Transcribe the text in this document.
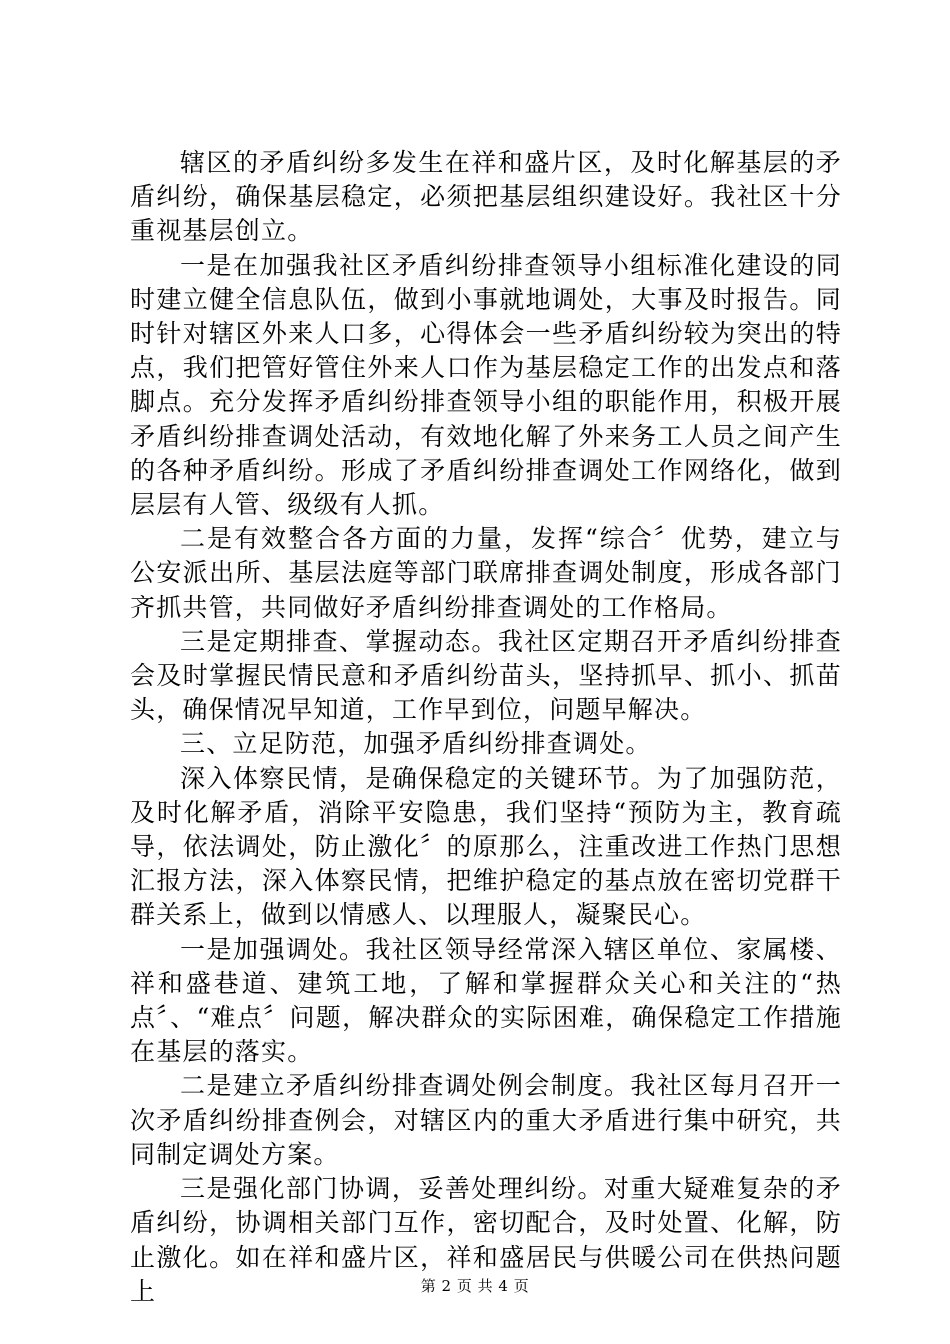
辖区的矛盾纠纷多发生在祥和盛片区，及时化解基层的矛盾纠纷，确保基层稳定，必须把基层组织建设好。我社区十分重视基层创立。

一是在加强我社区矛盾纠纷排查领导小组标准化建设的同时建立健全信息队伍，做到小事就地调处，大事及时报告。同时针对辖区外来人口多，心得体会一些矛盾纠纷较为突出的特点，我们把管好管住外来人口作为基层稳定工作的出发点和落脚点。充分发挥矛盾纠纷排查领导小组的职能作用，积极开展矛盾纠纷排查调处活动，有效地化解了外来务工人员之间产生的各种矛盾纠纷。形成了矛盾纠纷排查调处工作网络化，做到层层有人管、级级有人抓。

二是有效整合各方面的力量，发挥“综合〞优势，建立与公安派出所、基层法庭等部门联席排查调处制度，形成各部门齐抓共管，共同做好矛盾纠纷排查调处的工作格局。

三是定期排查、掌握动态。我社区定期召开矛盾纠纷排查会及时掌握民情民意和矛盾纠纷苗头，坚持抓早、抓小、抓苗头，确保情况早知道，工作早到位，问题早解决。

三、立足防范，加强矛盾纠纷排查调处。

深入体察民情，是确保稳定的关键环节。为了加强防范，及时化解矛盾，消除平安隐患，我们坚持“预防为主，教育疏导，依法调处，防止激化〞的原那么，注重改进工作热门思想汇报方法，深入体察民情，把维护稳定的基点放在密切党群干群关系上，做到以情感人、以理服人，凝聚民心。

一是加强调处。我社区领导经常深入辖区单位、家属楼、祥和盛巷道、建筑工地，了解和掌握群众关心和关注的“热点〞、“难点〞问题，解决群众的实际困难，确保稳定工作措施在基层的落实。

二是建立矛盾纠纷排查调处例会制度。我社区每月召开一次矛盾纠纷排查例会，对辖区内的重大矛盾进行集中研究，共同制定调处方案。

三是强化部门协调，妥善处理纠纷。对重大疑难复杂的矛盾纠纷，协调相关部门互作，密切配合，及时处置、化解，防止激化。如在祥和盛片区，祥和盛居民与供暖公司在供热问题上	第 2 页 共 4 页
